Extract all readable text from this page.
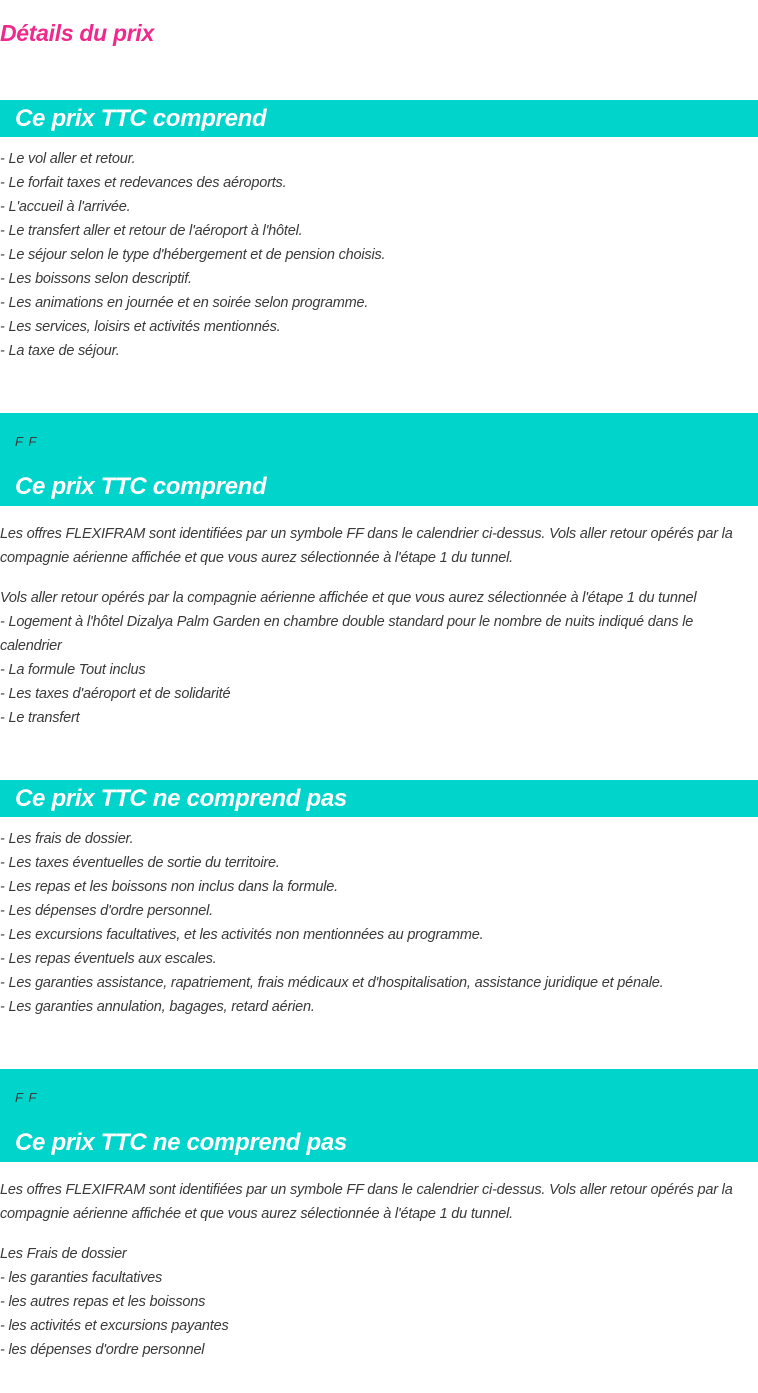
Détails du prix
Ce prix TTC comprend
- Le vol aller et retour.
- Le forfait taxes et redevances des aéroports.
- L'accueil à l'arrivée.
- Le transfert aller et retour de l'aéroport à l'hôtel.
- Le séjour selon le type d'hébergement et de pension choisis.
- Les boissons selon descriptif.
- Les animations en journée et en soirée selon programme.
- Les services, loisirs et activités mentionnés.
- La taxe de séjour.
F F
Ce prix TTC comprend

Les offres FLEXIFRAM sont identifiées par un symbole FF dans le calendrier ci-dessus. Vols aller retour opérés par la compagnie aérienne affichée et que vous aurez sélectionnée à l'étape 1 du tunnel.

Vols aller retour opérés par la compagnie aérienne affichée et que vous aurez sélectionnée à l'étape 1 du tunnel
- Logement à l'hôtel Dizalya Palm Garden en chambre double standard pour le nombre de nuits indiqué dans le calendrier
- La formule Tout inclus
- Les taxes d'aéroport et de solidarité
- Le transfert
Ce prix TTC ne comprend pas
- Les frais de dossier.
- Les taxes éventuelles de sortie du territoire.
- Les repas et les boissons non inclus dans la formule.
- Les dépenses d'ordre personnel.
- Les excursions facultatives, et les activités non mentionnées au programme.
- Les repas éventuels aux escales.
- Les garanties assistance, rapatriement, frais médicaux et d'hospitalisation, assistance juridique et pénale.
- Les garanties annulation, bagages, retard aérien.
F F
Ce prix TTC ne comprend pas

Les offres FLEXIFRAM sont identifiées par un symbole FF dans le calendrier ci-dessus. Vols aller retour opérés par la compagnie aérienne affichée et que vous aurez sélectionnée à l'étape 1 du tunnel.

Les Frais de dossier
- les garanties facultatives
- les autres repas et les boissons
- les activités et excursions payantes
- les dépenses d'ordre personnel
